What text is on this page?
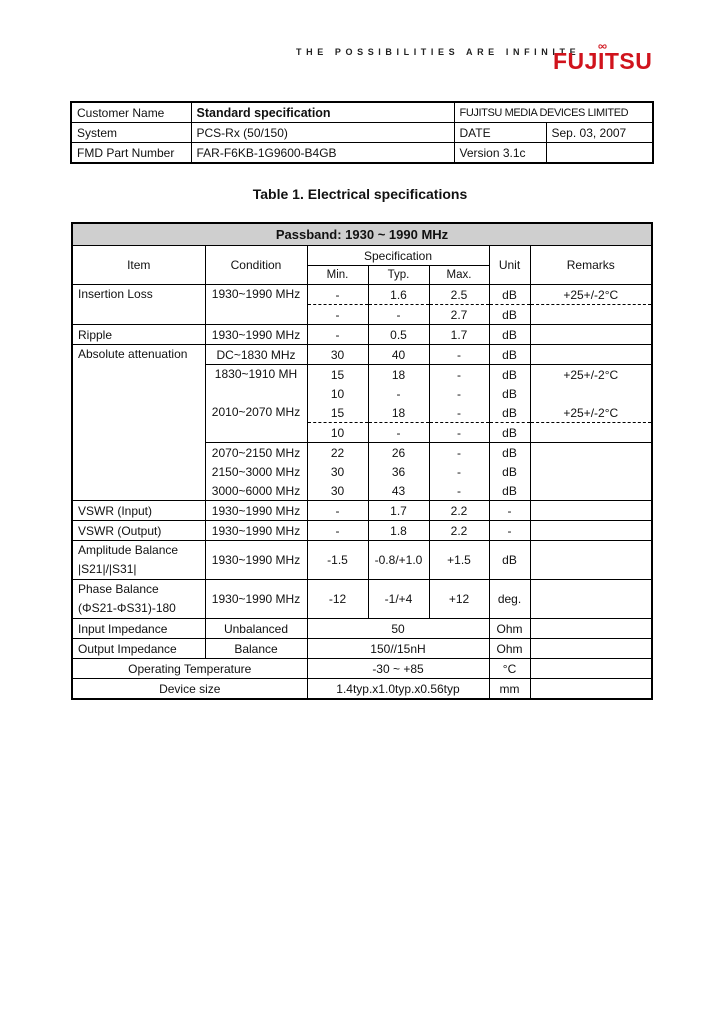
THE POSSIBILITIES ARE INFINITE
FUJITSU
Customer Name	Standard specification	FUJITSU MEDIA DEVICES LIMITED	
System	PCS-Rx (50/150)	DATE	Sep. 03, 2007
FMD Part Number	FAR-F6KB-1G9600-B4GB	Version 3.1c	
Table 1. Electrical specifications
Passband: 1930 ~ 1990 MHz						
Item	Condition	Specification			Unit	Remarks
		Min.	Typ.	Max.		
Insertion Loss	1930~1990 MHz	-	1.6	2.5	dB	+25+/-2°C
		-	-	2.7	dB	
Ripple	1930~1990 MHz	-	0.5	1.7	dB	
Absolute attenuation	DC~1830 MHz	30	40	-	dB	
	1830~1910 MH	15	18	-	dB	+25+/-2°C
		10	-	-	dB	
	2010~2070 MHz	15	18	-	dB	+25+/-2°C
		10	-	-	dB	
	2070~2150 MHz	22	26	-	dB	
	2150~3000 MHz	30	36	-	dB	
	3000~6000 MHz	30	43	-	dB	
VSWR (Input)	1930~1990 MHz	-	1.7	2.2	-	
VSWR (Output)	1930~1990 MHz	-	1.8	2.2	-	

Amplitude Balance
|S21|/|S31|	1930~1990 MHz	-1.5	-0.8/+1.0	+1.5	dB	

Phase Balance
(ΦS21-ΦS31)-180	1930~1990 MHz	-12	-1/+4	+12	deg.	
Input Impedance	Unbalanced	50			Ohm	
Output Impedance	Balance	150//15nH			Ohm	
Operating Temperature		-30 ~ +85			°C	
Device size		1.4typ.x1.0typ.x0.56typ			mm	
